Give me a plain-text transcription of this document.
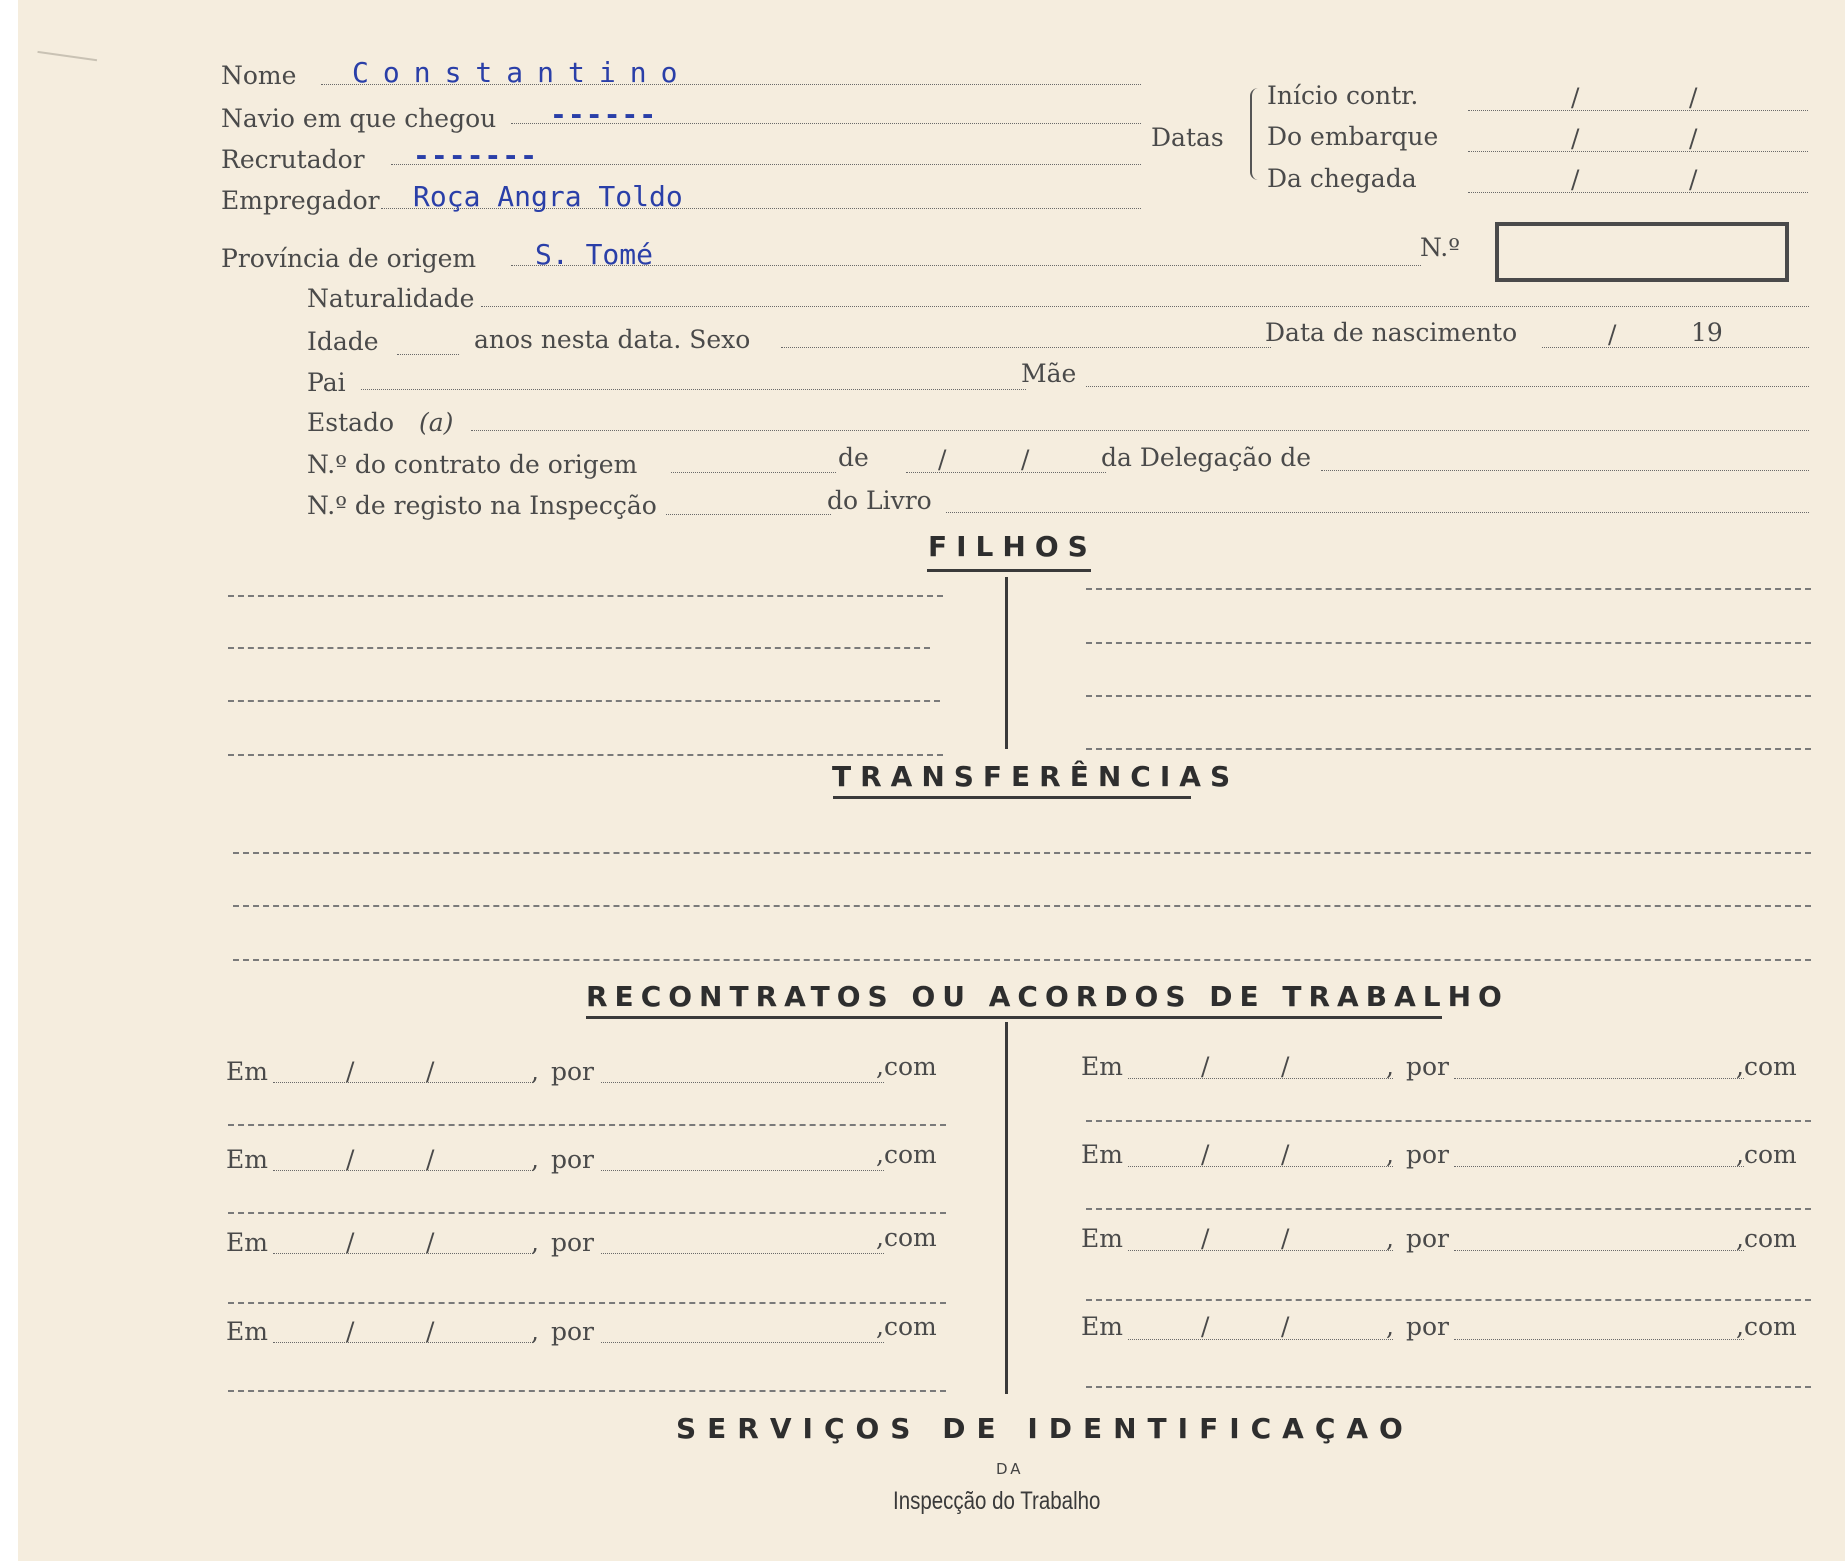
Nome Constantino
Navio em que chegou ------
Recrutador -------
Empregador Roça Angra Toldo
Província de origem S. Tomé	N.º
Datas
Início contr.	/	/
Do embarque	/	/
Da chegada	/	/
Naturalidade
Idade	anos nesta data. Sexo	Data de nascimento	/	19
Pai	Mãe
Estado (a)
N.º do contrato de origem	de	/	/	da Delegação de
N.º de registo na Inspecção	do Livro
FILHOS
TRANSFERÊNCIAS
RECONTRATOS OU ACORDOS DE TRABALHO
Em	/	/	, por	,com
Em	/	/	, por	,com
Em	/	/	, por	,com
Em	/	/	, por	,com
Em	/	/	, por	,com
Em	/	/	, por	,com
Em	/	/	, por	,com
Em	/	/	, por	,com
SERVIÇOS DE IDENTIFICAÇAO
DA
Inspecção do Trabalho
